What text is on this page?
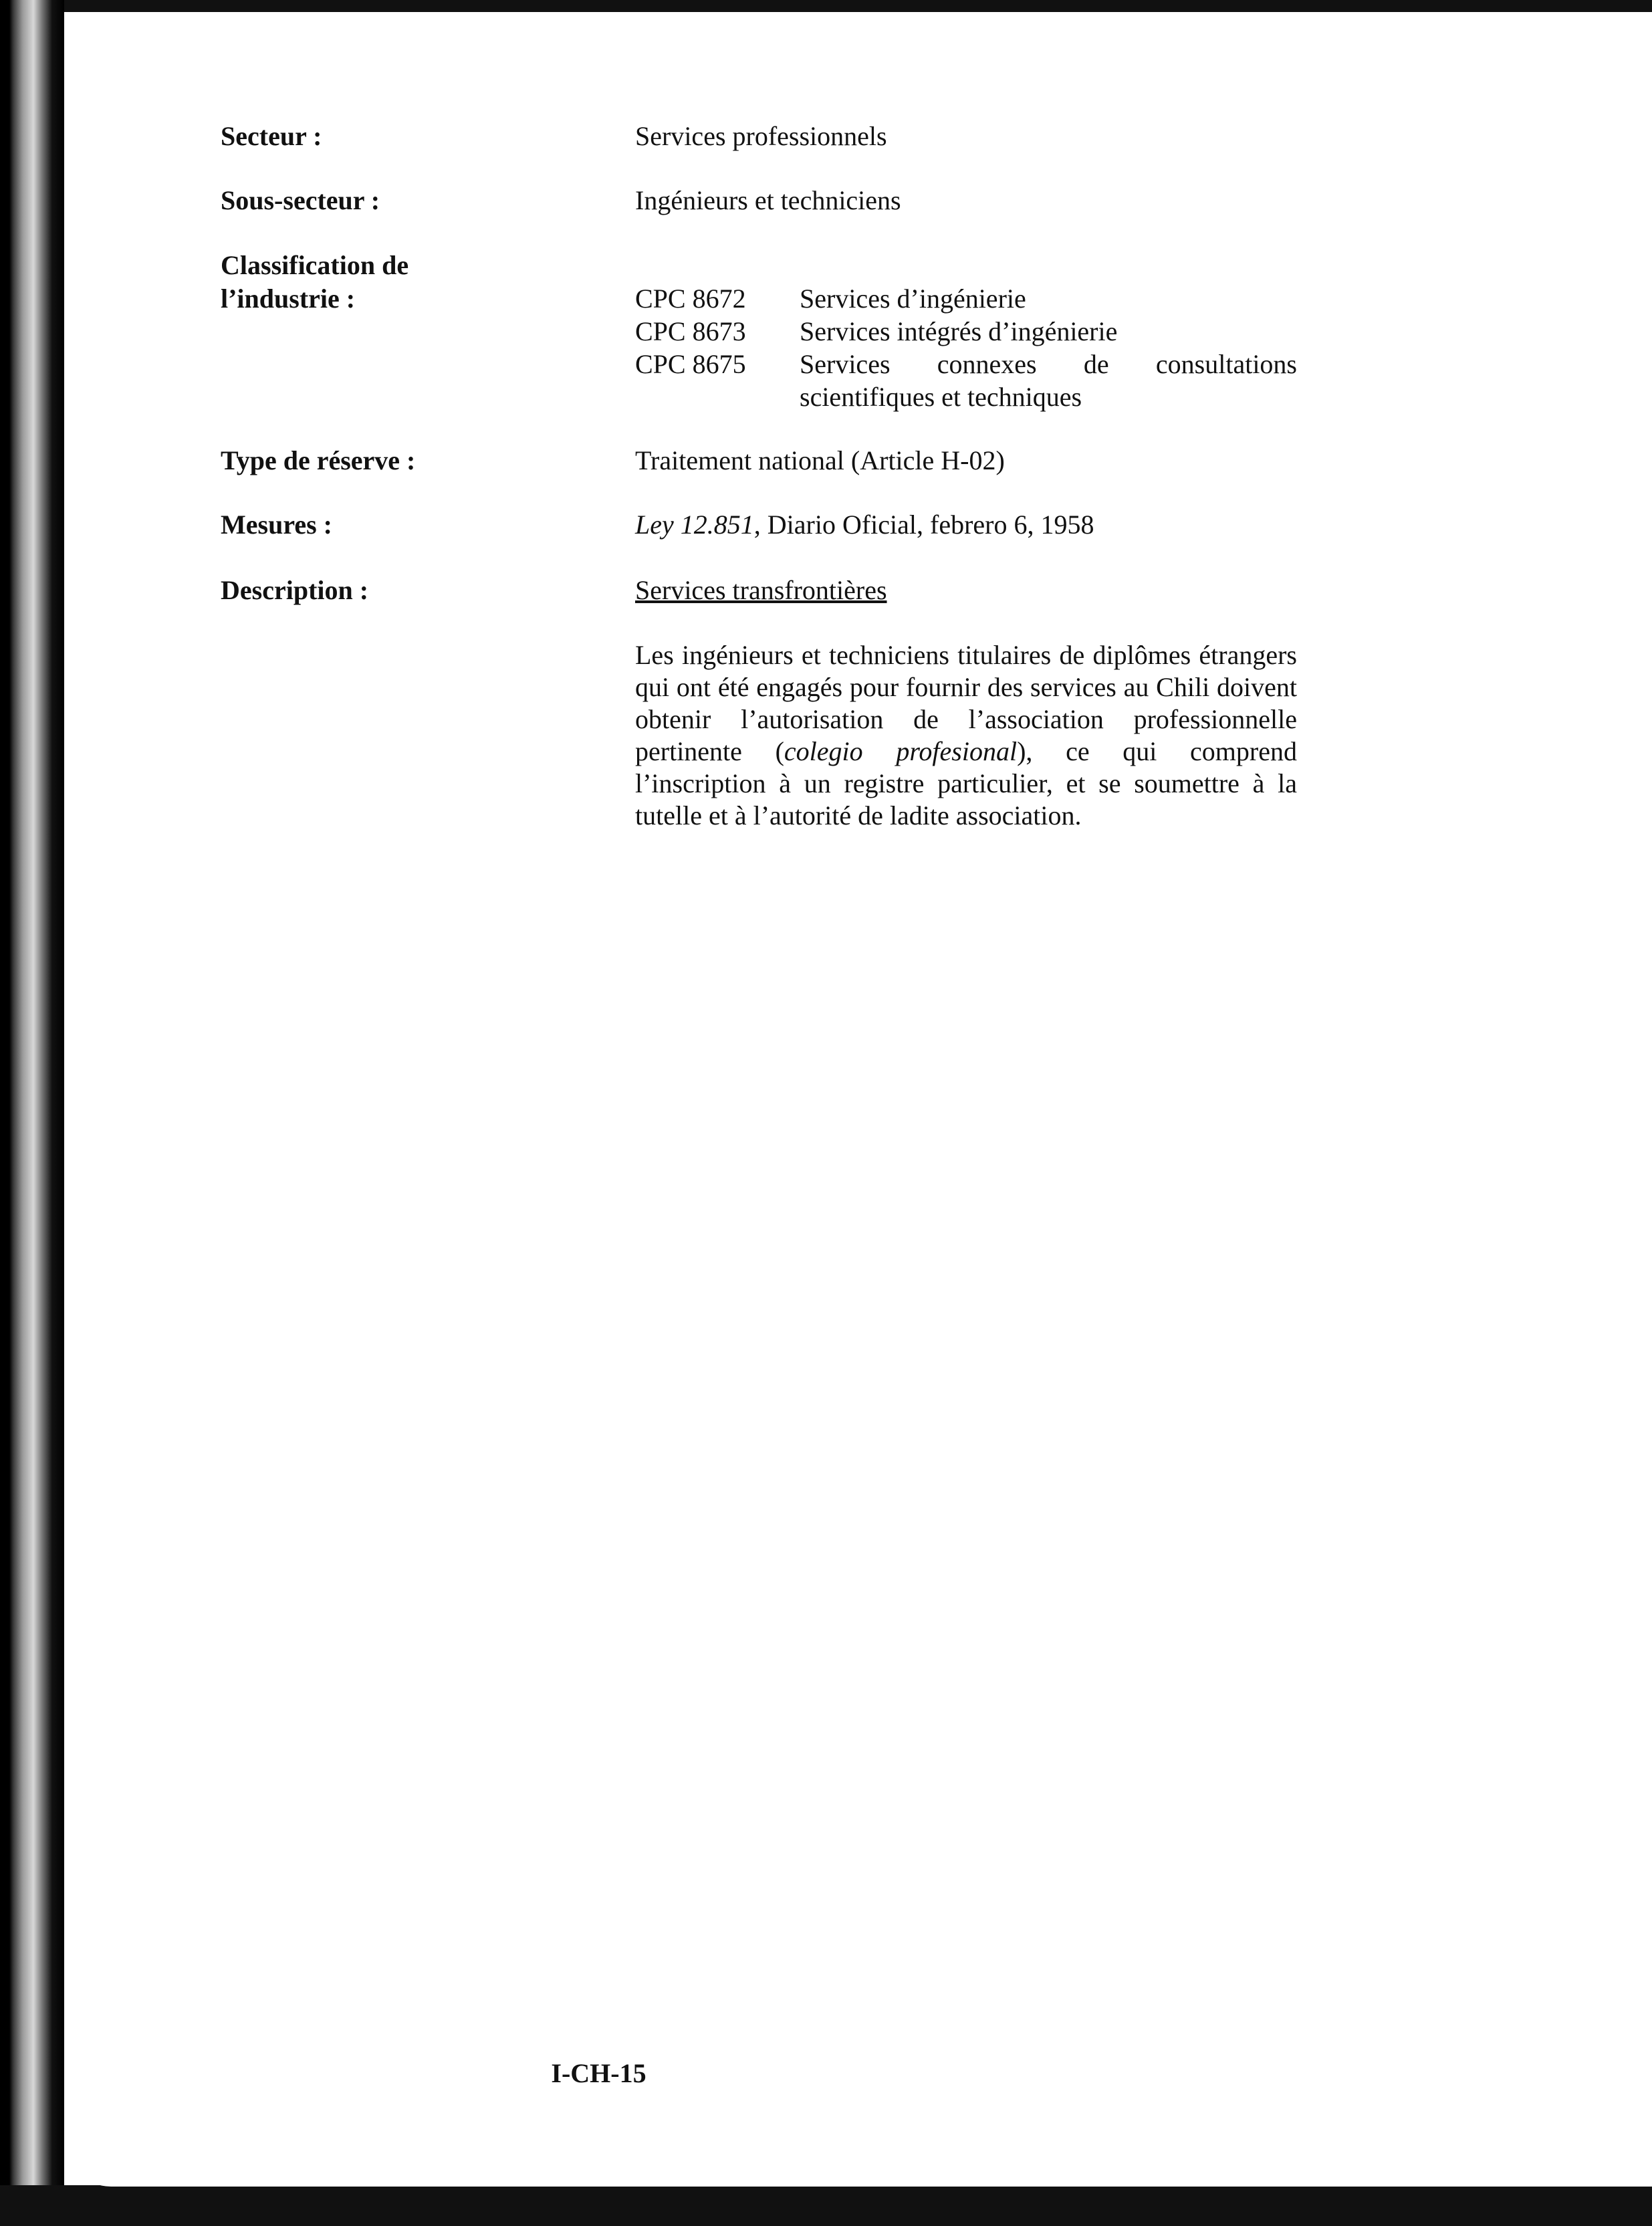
Secteur :	Services professionnels
Sous-secteur :	Ingénieurs et techniciens
Classification de
l’industrie :	CPC 8672	Services d’ingénierie
CPC 8673	Services intégrés d’ingénierie
CPC 8675	Services connexes de consultations scientifiques et techniques
Type de réserve :	Traitement national (Article H-02)
Mesures :	Ley 12.851, Diario Oficial, febrero 6, 1958
Description :	Services transfrontières
Les ingénieurs et techniciens titulaires de diplômes étrangers qui ont été engagés pour fournir des services au Chili doivent obtenir l’autorisation de l’association professionnelle pertinente (colegio profesional), ce qui comprend l’inscription à un registre particulier, et se soumettre à la tutelle et à l’autorité de ladite association.
I-CH-15
